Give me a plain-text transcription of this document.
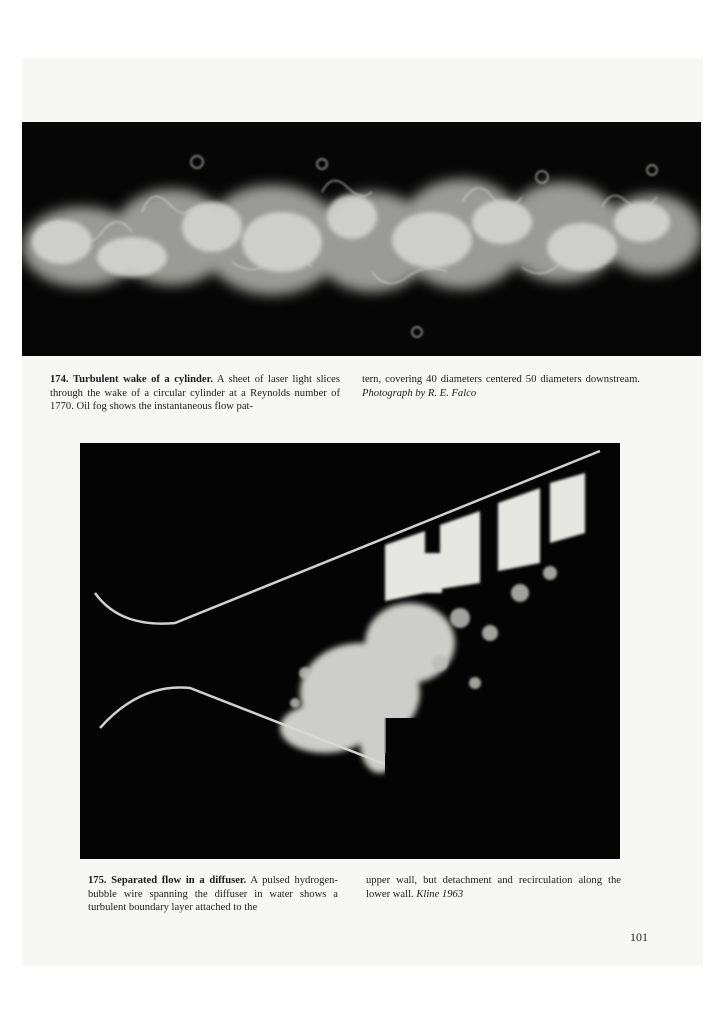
174. Turbulent wake of a cylinder. A sheet of laser light slices through the wake of a circular cylinder at a Reynolds number of 1770. Oil fog shows the instantaneous flow pat-
tern, covering 40 diameters centered 50 diameters downstream. Photograph by R. E. Falco
175. Separated flow in a diffuser. A pulsed hydrogen-bubble wire spanning the diffuser in water shows a turbulent boundary layer attached to the
upper wall, but detachment and recirculation along the lower wall. Kline 1963
101
